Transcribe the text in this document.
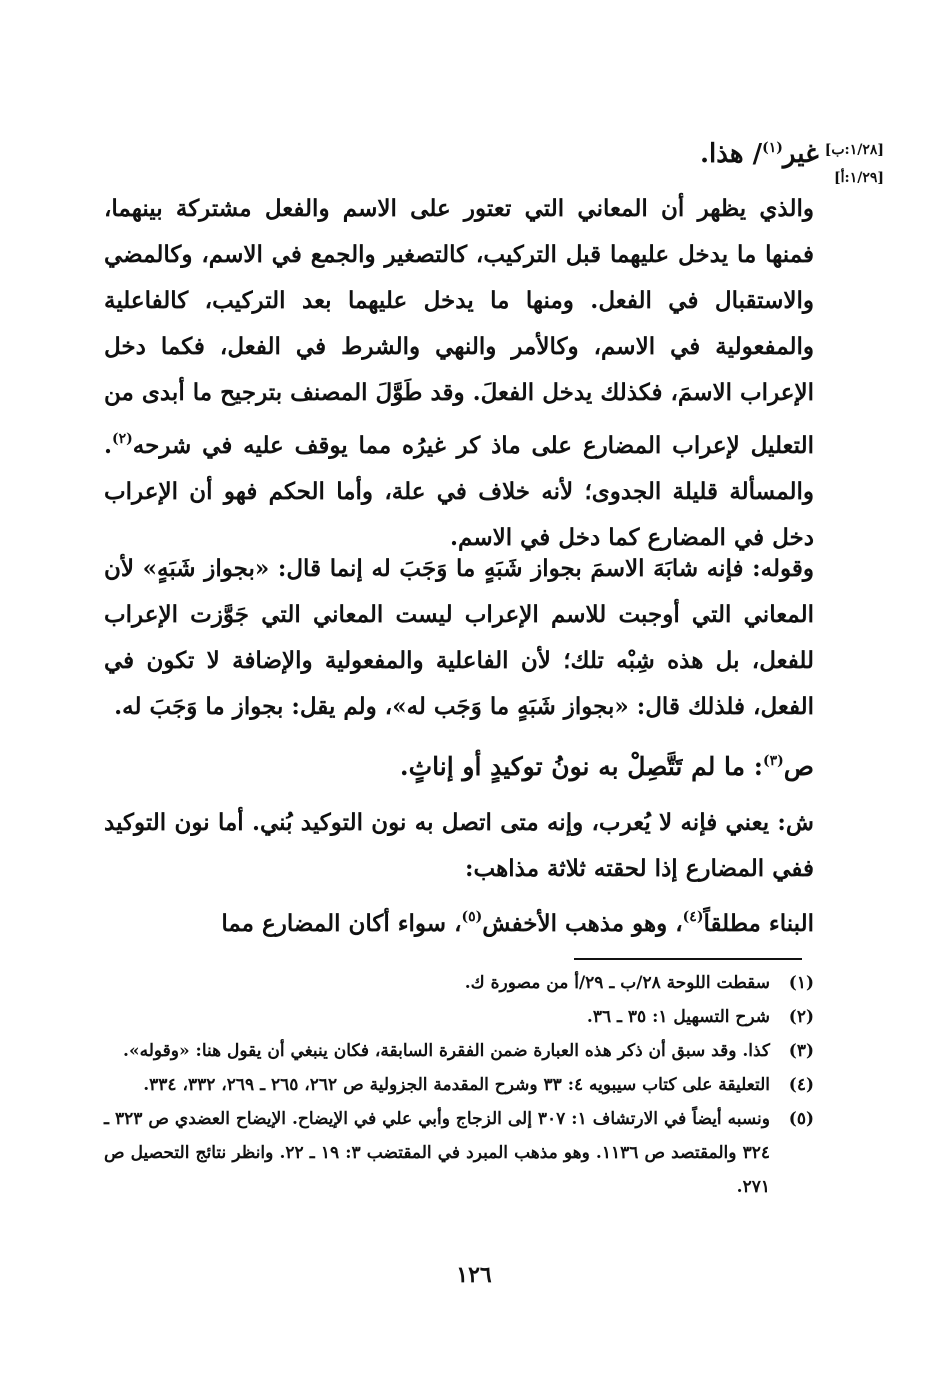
[١/٢٨:ب]غير$^{(١)}$/ هذا.
[١/٢٩:أ]

والذي يظهر أن المعاني التي تعتور على الاسم والفعل مشتركة بينهما، فمنها ما يدخل عليهما قبل التركيب، كالتصغير والجمع في الاسم، وكالمضي والاستقبال في الفعل. ومنها ما يدخل عليهما بعد التركيب، كالفاعلية والمفعولية في الاسم، وكالأمر والنهي والشرط في الفعل، فكما دخل الإعراب الاسمَ، فكذلك يدخل الفعلَ. وقد طَوَّلَ المصنف بترجيح ما أبدى من التعليل لإعراب المضارع على ماذ كر غيرُه مما يوقف عليه في شرحه$^{(٢)}$. والمسألة قليلة الجدوى؛ لأنه خلاف في علة، وأما الحكم فهو أن الإعراب دخل في المضارع كما دخل في الاسم.

وقوله: فإنه شابَهَ الاسمَ بجواز شَبَهٍ ما وَجَبَ له إنما قال: «بجواز شَبَهٍ» لأن المعاني التي أوجبت للاسم الإعراب ليست المعاني التي جَوَّزت الإعراب للفعل، بل هذه شِبْه تلك؛ لأن الفاعلية والمفعولية والإضافة لا تكون في الفعل، فلذلك قال: «بجواز شَبَهٍ ما وَجَب له»، ولم يقل: بجواز ما وَجَبَ له.

ص$^{(٣)}$: ما لم تَتَّصِلْ به نونُ توكيدٍ أو إناثٍ.

ش: يعني فإنه لا يُعرب، وإنه متى اتصل به نون التوكيد بُني. أما نون التوكيد ففي المضارع إذا لحقته ثلاثة مذاهب:

البناء مطلقاً$^{(٤)}$، وهو مذهب الأخفش$^{(٥)}$، سواء أكان المضارع مما

(١)
سقطت اللوحة ٢٨/ب ـ ٢٩/أ من مصورة ك.
(٢)
شرح التسهيل ١: ٣٥ ـ ٣٦.
(٣)
كذا. وقد سبق أن ذكر هذه العبارة ضمن الفقرة السابقة، فكان ينبغي أن يقول هنا: «وقوله».
(٤)
التعليقة على كتاب سيبويه ٤: ٣٣ وشرح المقدمة الجزولية ص ٢٦٢، ٢٦٥ ـ ٢٦٩، ٣٣٢، ٣٣٤.
(٥)
ونسبه أيضاً في الارتشاف ١: ٣٠٧ إلى الزجاج وأبي علي في الإيضاح. الإيضاح العضدي ص ٣٢٣ ـ ٣٢٤ والمقتصد ص ١١٣٦. وهو مذهب المبرد في المقتضب ٣: ١٩ ـ ٢٢. وانظر نتائج التحصيل ص ٢٧١.
١٢٦
